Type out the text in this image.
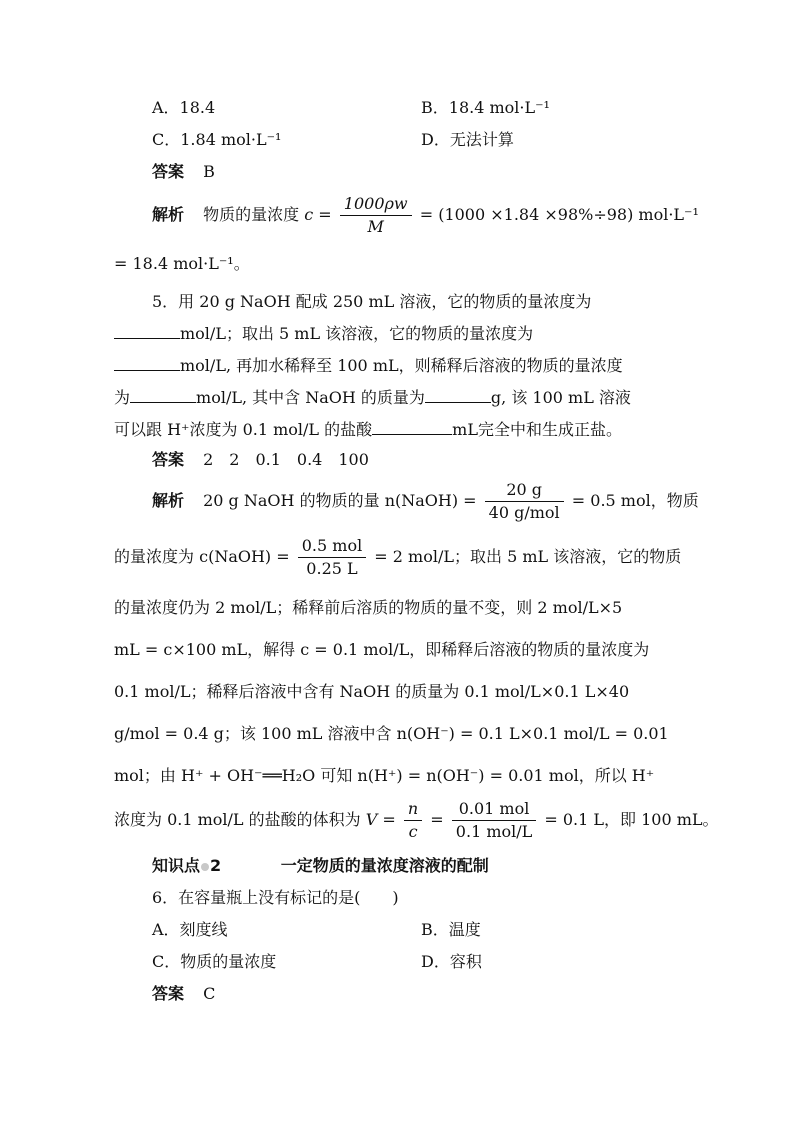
A．18.4	B．18.4 mol·L⁻¹
C．1.84 mol·L⁻¹	D．无法计算
答案 B
解析 物质的量浓度 $c = \frac{1000\rho w}{M} = (1000 \times 1.84 \times 98\%\div 98)$ mol·L⁻¹
= 18.4 mol·L⁻¹。
5．用 20 g NaOH 配成 250 mL 溶液，它的物质的量浓度为
mol/L；取出 5 mL 该溶液，它的物质的量浓度为
mol/L, 再加水稀释至 100 mL，则稀释后溶液的物质的量浓度
为	mol/L, 其中含 NaOH 的质量为	g, 该 100 mL 溶液
可以跟 H⁺浓度为 0.1 mol/L 的盐酸	mL完全中和生成正盐。
答案 2　2　0.1　0.4　100
解析 20 g NaOH 的物质的量 n(NaOH) = $\frac{20 g}{\text{40 g/mol}} = 0.5$ mol，物质
的量浓度为 c(NaOH) = $\frac{\text{0.5 mol}}{0.25 L} = 2$ mol/L；取出 5 mL 该溶液，它的物质
的量浓度仍为 2 mol/L；稀释前后溶质的物质的量不变，则 2 mol/L×5
mL = c×100 mL，解得 c = 0.1 mol/L，即稀释后溶液的物质的量浓度为
0.1 mol/L；稀释后溶液中含有 NaOH 的质量为 0.1 mol/L×0.1 L×40
g/mol = 0.4 g；该 100 mL 溶液中含 n(OH⁻) = 0.1 L×0.1 mol/L = 0.01
mol；由 H⁺ + OH⁻══H₂O 可知 n(H⁺) = n(OH⁻) = 0.01 mol，所以 H⁺
浓度为 0.1 mol/L 的盐酸的体积为 $V = \frac{n}{c} = \frac{\text{0.01 mol}}{\text{0.1 mol/L}} = 0.1$ L，即 100 mL。
知识点 2	一定物质的量浓度溶液的配制
6．在容量瓶上没有标记的是(　　)
A．刻度线	B．温度
C．物质的量浓度	D．容积
答案 C
